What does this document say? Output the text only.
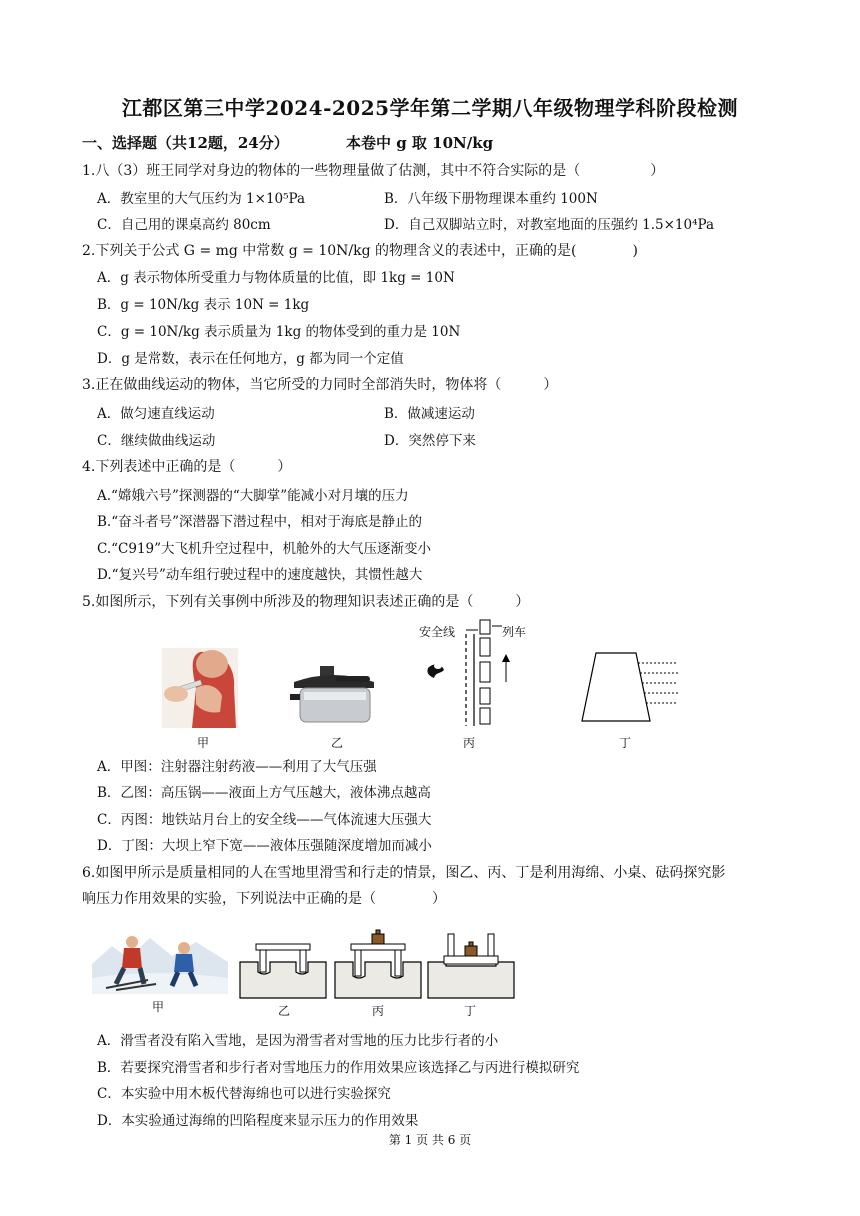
江都区第三中学2024-2025学年第二学期八年级物理学科阶段检测
一、选择题（共12题，24分）	本卷中 g 取 10N/kg
1.八（3）班王同学对身边的物体的一些物理量做了估测，其中不符合实际的是（　　　　　）
A．教室里的大气压约为 1×10⁵Pa	B．八年级下册物理课本重约 100N
C．自己用的课桌高约 80cm	D．自己双脚站立时，对教室地面的压强约 1.5×10⁴Pa
2.下列关于公式 G = mg 中常数 g = 10N/kg 的物理含义的表述中，正确的是(　　　　)
A．g 表示物体所受重力与物体质量的比值，即 1kg = 10N
B．g = 10N/kg 表示 10N = 1kg
C．g = 10N/kg 表示质量为 1kg 的物体受到的重力是 10N
D．g 是常数，表示在任何地方，g 都为同一个定值
3.正在做曲线运动的物体，当它所受的力同时全部消失时，物体将（　　　）
A．做匀速直线运动	B．做减速运动
C．继续做曲线运动	D．突然停下来
4.下列表述中正确的是（　　　）
A.“嫦娥六号”探测器的“大脚掌”能减小对月壤的压力
B.“奋斗者号”深潜器下潜过程中，相对于海底是静止的
C.“C919”大飞机升空过程中，机舱外的大气压逐渐变小
D.“复兴号”动车组行驶过程中的速度越快，其惯性越大
5.如图所示，下列有关事例中所涉及的物理知识表述正确的是（　　　）
安全线	列车
甲	乙	丙	丁
A．甲图：注射器注射药液——利用了大气压强
B．乙图：高压锅——液面上方气压越大，液体沸点越高
C．丙图：地铁站月台上的安全线——气体流速大压强大
D．丁图：大坝上窄下宽——液体压强随深度增加而减小
6.如图甲所示是质量相同的人在雪地里滑雪和行走的情景，图乙、丙、丁是利用海绵、小桌、砝码探究影
响压力作用效果的实验，下列说法中正确的是（　　　　）
甲	乙	丙	丁
A．滑雪者没有陷入雪地，是因为滑雪者对雪地的压力比步行者的小
B．若要探究滑雪者和步行者对雪地压力的作用效果应该选择乙与丙进行模拟研究
C．本实验中用木板代替海绵也可以进行实验探究
D．本实验通过海绵的凹陷程度来显示压力的作用效果
第 1 页 共 6 页
